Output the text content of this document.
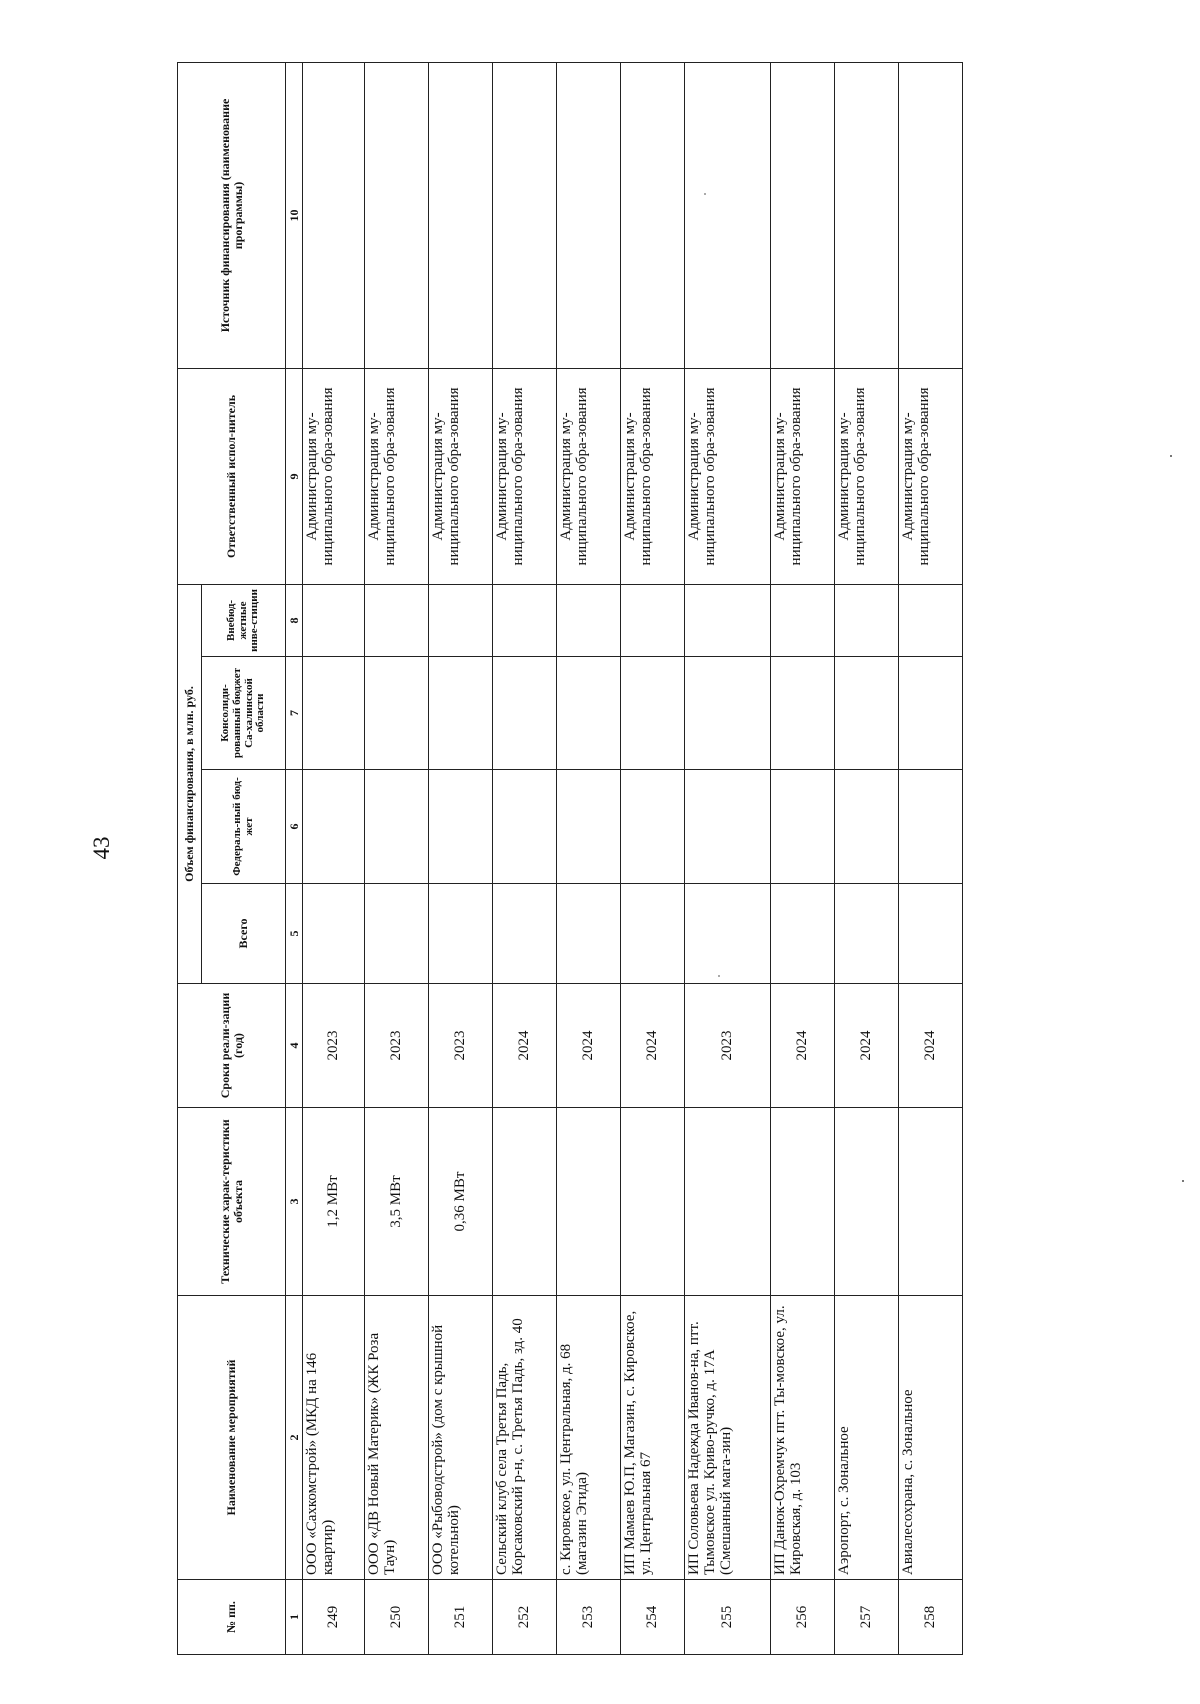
43
№ пп.	Наименование мероприятий	Технические харак-теристики объекта	Сроки реали-зации (год)	Объем финансирования, в млн. руб.				Ответственный испол-нитель	Источник финансирования (наименование программы)
				Всего	Федераль-ный бюд-жет	Консолиди-рованный бюджет Са-халинской области	Внебюд-жетные инве-стиции		
1	2	3	4	5	6	7	8	9	10
249	ООО «Сахкомстрой» (МКД на 146 квартир)	1,2 МВт	2023					Администрация му-ниципального обра-зования	
250	ООО «ДВ Новый Материк» (ЖК Роза Таун)	3,5 МВт	2023					Администрация му-ниципального обра-зования	
251	ООО «Рыбоводстрой» (дом с крышной котельной)	0,36 МВт	2023					Администрация му-ниципального обра-зования	
252	Сельский клуб села Третья Падь, Корсаковский р-н, с. Третья Падь, зд. 40		2024					Администрация му-ниципального обра-зования	
253	с. Кировское, ул. Центральная, д. 68 (магазин Эгида)		2024					Администрация му-ниципального обра-зования	
254	ИП Мамаев Ю.П, Магазин, с. Кировское, ул. Центральная 67		2024					Администрация му-ниципального обра-зования	
255	ИП Соловьева Надежда Иванов-на, птт. Тымовское ул. Криво-ручко, д. 17А (Смешанный мага-зин)		2023					Администрация му-ниципального обра-зования	
256	ИП Данюк-Охремчук пгт. Ты-мовское, ул. Кировская, д. 103		2024					Администрация му-ниципального обра-зования	
257	Аэропорт, с. Зональное		2024					Администрация му-ниципального обра-зования	
258	Авиалесохрана, с. Зональное		2024					Администрация му-ниципального обра-зования	
